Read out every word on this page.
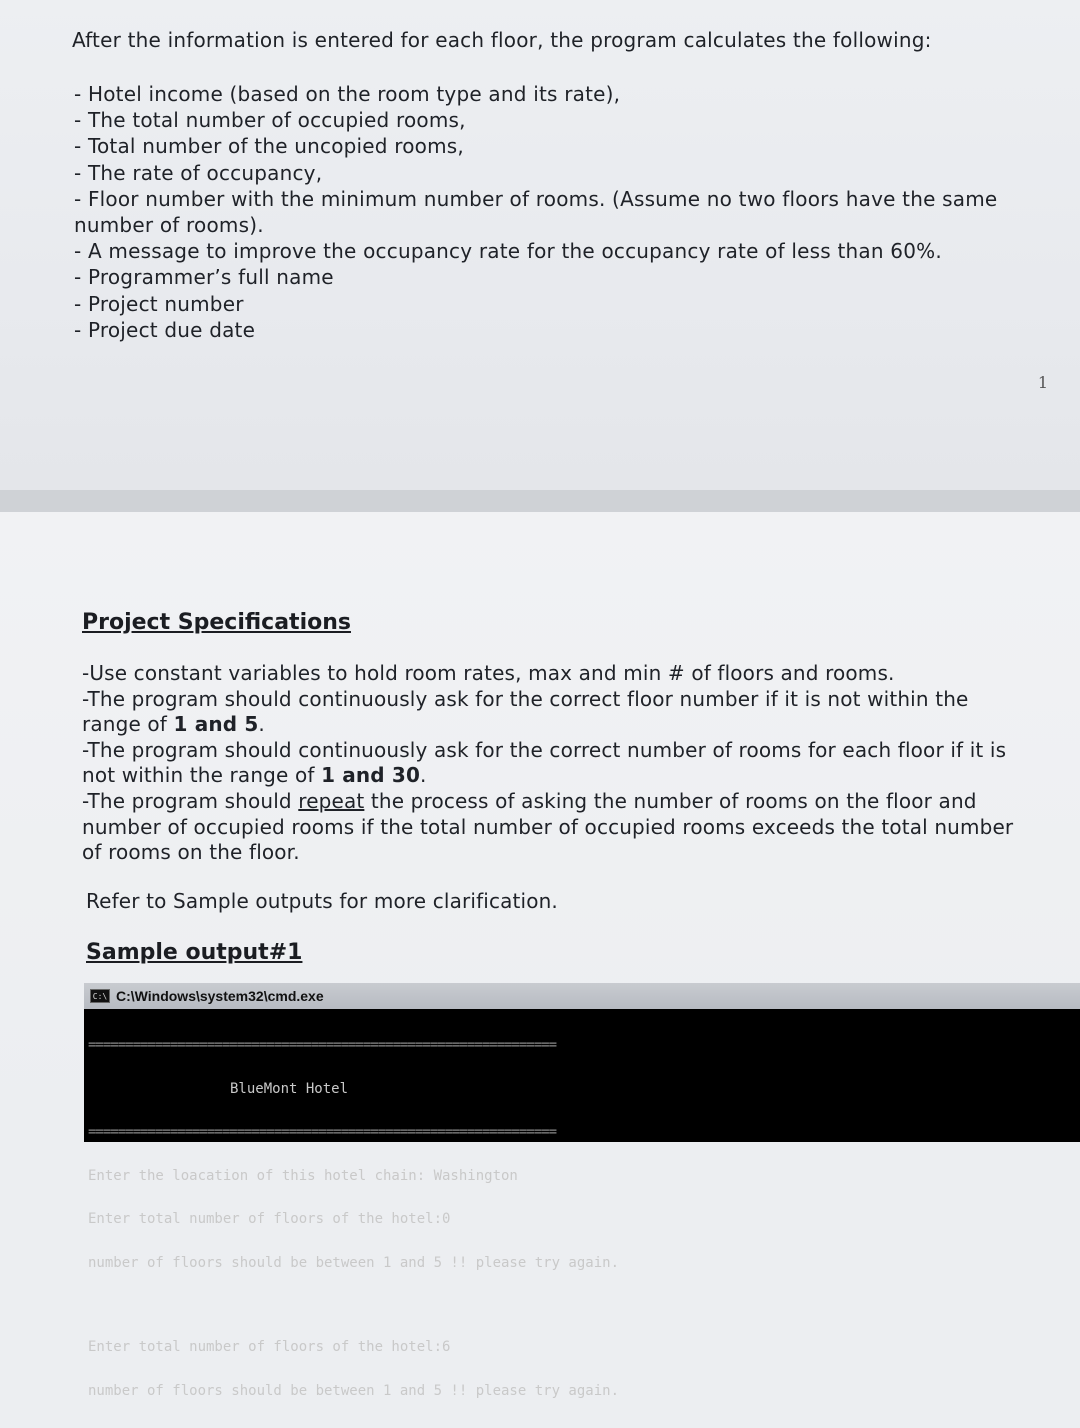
After the information is entered for each floor, the program calculates the following:
- Hotel income (based on the room type and its rate),
- The total number of occupied rooms,
- Total number of the uncopied rooms,
- The rate of occupancy,
- Floor number with the minimum number of rooms. (Assume no two floors have the same number of rooms).
- A message to improve the occupancy rate for the occupancy rate of less than 60%.
- Programmer’s full name
- Project number
- Project due date
1
Project Specifications

-Use constant variables to hold room rates, max and min # of floors and rooms.

-The program should continuously ask for the correct floor number if it is not within the range of 1 and 5.

-The program should continuously ask for the correct number of rooms for each floor if it is not within the range of 1 and 30.

-The program should repeat the process of asking the number of rooms on the floor and number of occupied rooms if the total number of occupied rooms exceeds the total number of rooms on the floor.

Refer to Sample outputs for more clarification.
Sample output#1
C:\ C:\Windows\system32\cmd.exe

===============================================================

BlueMont Hotel

===============================================================

Enter the loacation of this hotel chain: Washington

Enter total number of floors of the hotel:0

number of floors should be between 1 and 5 !! please try again.

Enter total number of floors of the hotel:6

number of floors should be between 1 and 5 !! please try again.
